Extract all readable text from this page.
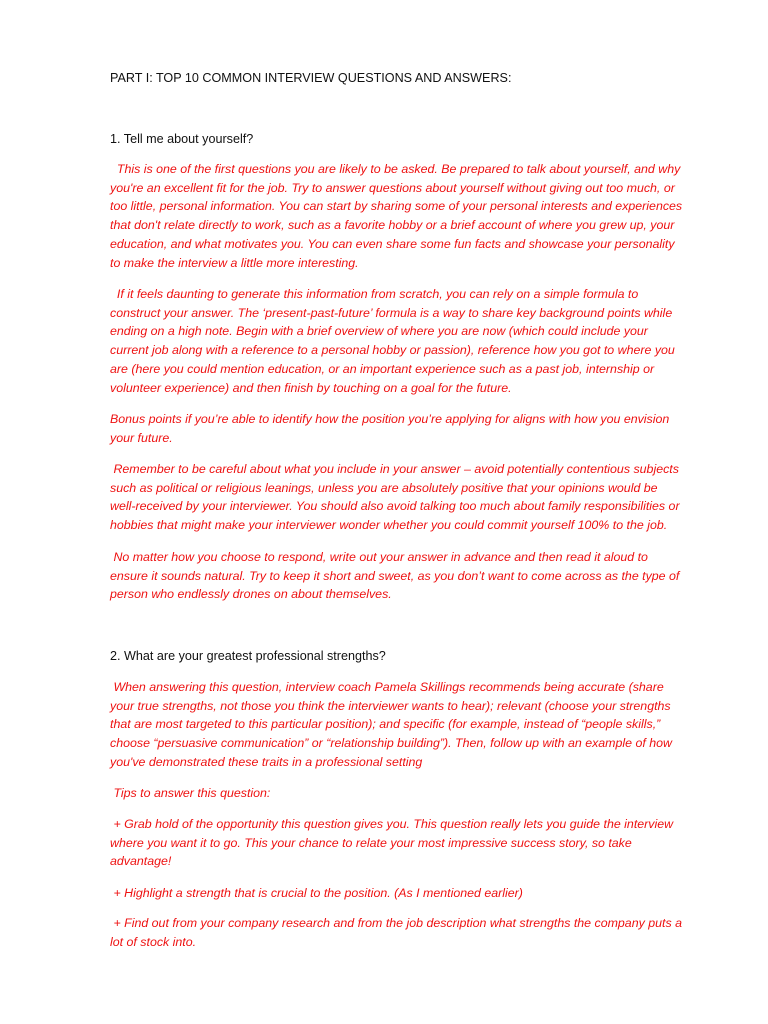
PART I: TOP 10 COMMON INTERVIEW QUESTIONS AND ANSWERS:
1. Tell me about yourself?
This is one of the first questions you are likely to be asked. Be prepared to talk about yourself, and why
you're an excellent fit for the job. Try to answer questions about yourself without giving out too much, or
too little, personal information. You can start by sharing some of your personal interests and experiences
that don't relate directly to work, such as a favorite hobby or a brief account of where you grew up, your
education, and what motivates you. You can even share some fun facts and showcase your personality
to make the interview a little more interesting.
If it feels daunting to generate this information from scratch, you can rely on a simple formula to
construct your answer. The ‘present-past-future’ formula is a way to share key background points while
ending on a high note. Begin with a brief overview of where you are now (which could include your
current job along with a reference to a personal hobby or passion), reference how you got to where you
are (here you could mention education, or an important experience such as a past job, internship or
volunteer experience) and then finish by touching on a goal for the future.
Bonus points if you’re able to identify how the position you’re applying for aligns with how you envision
your future.
Remember to be careful about what you include in your answer – avoid potentially contentious subjects
such as political or religious leanings, unless you are absolutely positive that your opinions would be
well-received by your interviewer. You should also avoid talking too much about family responsibilities or
hobbies that might make your interviewer wonder whether you could commit yourself 100% to the job.
No matter how you choose to respond, write out your answer in advance and then read it aloud to
ensure it sounds natural. Try to keep it short and sweet, as you don’t want to come across as the type of
person who endlessly drones on about themselves.
2. What are your greatest professional strengths?
When answering this question, interview coach Pamela Skillings recommends being accurate (share
your true strengths, not those you think the interviewer wants to hear); relevant (choose your strengths
that are most targeted to this particular position); and specific (for example, instead of “people skills,”
choose “persuasive communication” or “relationship building”). Then, follow up with an example of how
you've demonstrated these traits in a professional setting
Tips to answer this question:
+ Grab hold of the opportunity this question gives you. This question really lets you guide the interview
where you want it to go. This your chance to relate your most impressive success story, so take
advantage!
+ Highlight a strength that is crucial to the position. (As I mentioned earlier)
+ Find out from your company research and from the job description what strengths the company puts a
lot of stock into.
